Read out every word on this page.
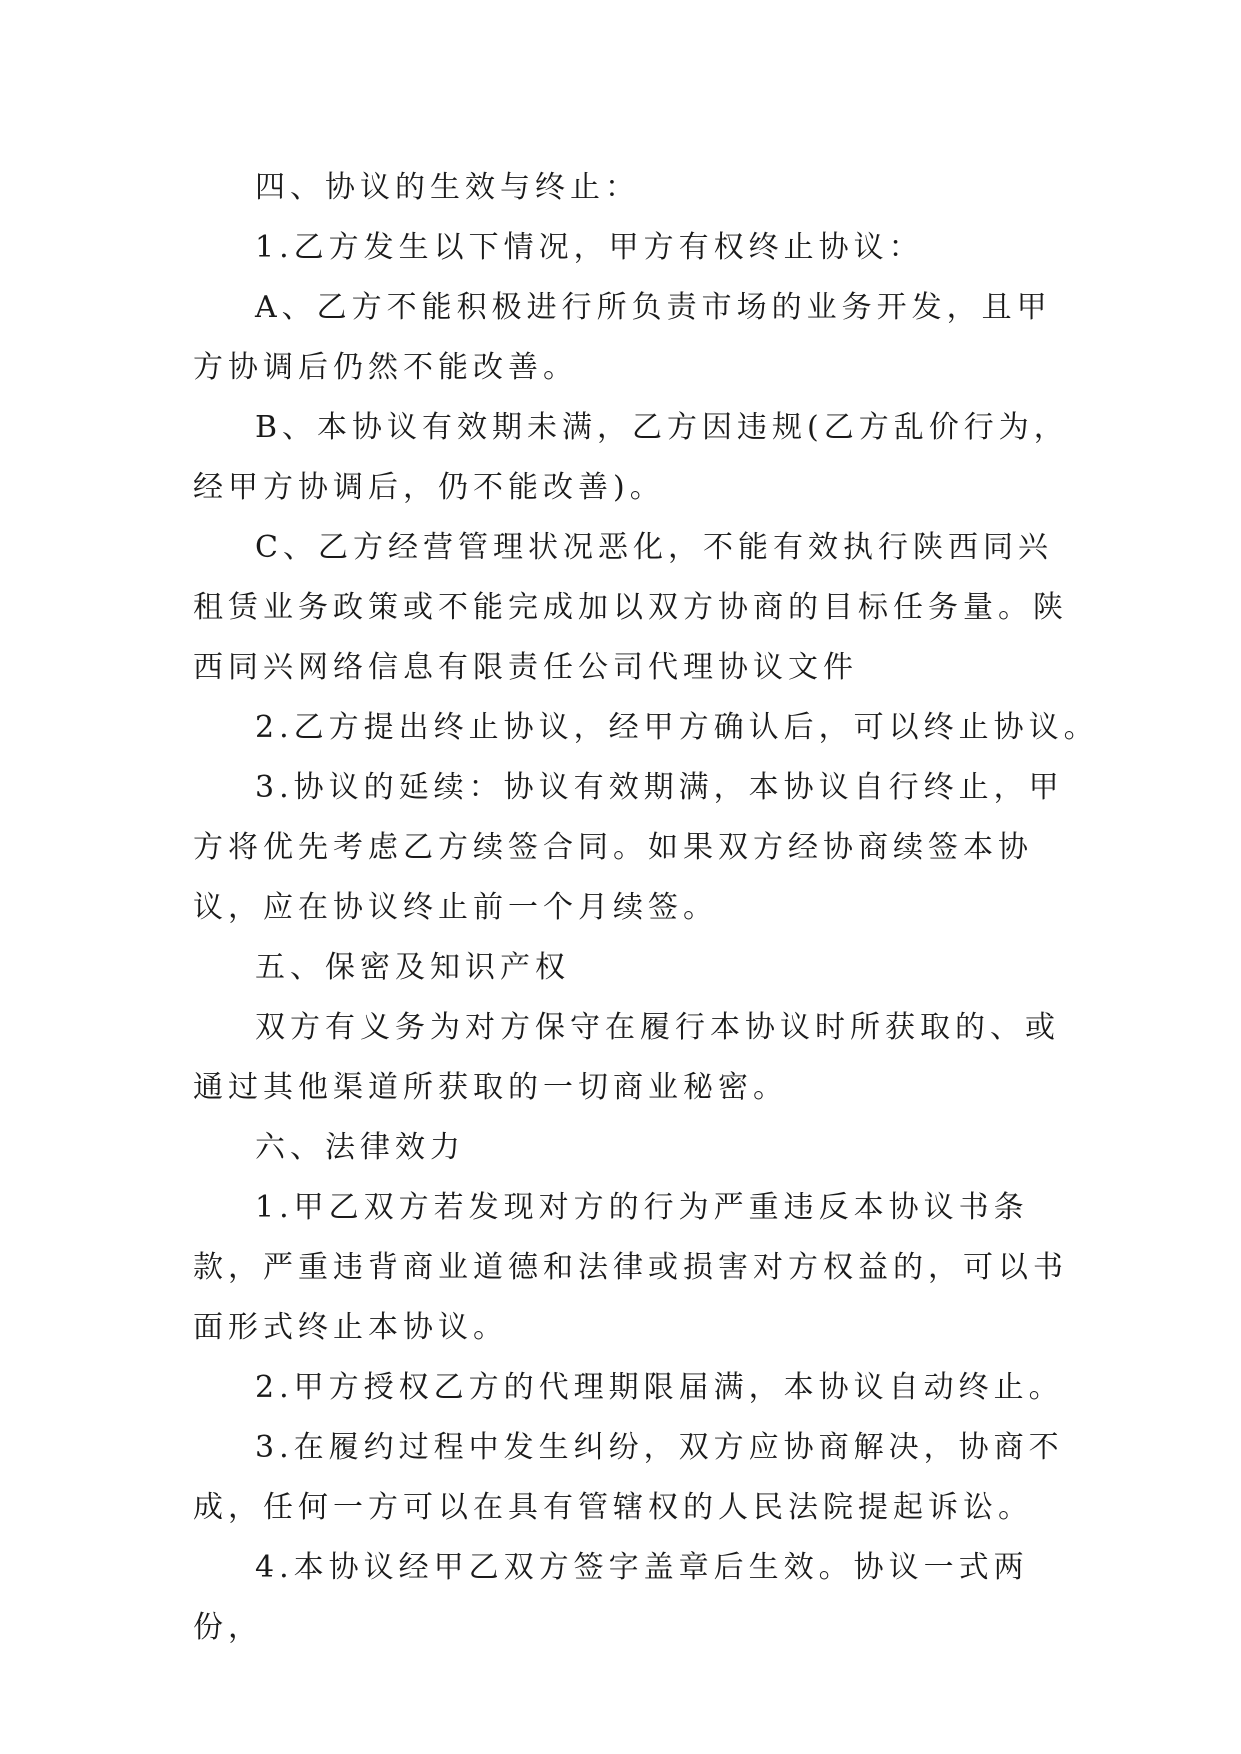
四、协议的生效与终止：

1.乙方发生以下情况，甲方有权终止协议：

A、乙方不能积极进行所负责市场的业务开发，且甲方协调后仍然不能改善。

B、本协议有效期未满，乙方因违规(乙方乱价行为，经甲方协调后，仍不能改善)。

C、乙方经营管理状况恶化，不能有效执行陕西同兴租赁业务政策或不能完成加以双方协商的目标任务量。陕西同兴网络信息有限责任公司代理协议文件

2.乙方提出终止协议，经甲方确认后，可以终止协议。

3.协议的延续：协议有效期满，本协议自行终止，甲方将优先考虑乙方续签合同。如果双方经协商续签本协议，应在协议终止前一个月续签。

五、保密及知识产权

双方有义务为对方保守在履行本协议时所获取的、或通过其他渠道所获取的一切商业秘密。

六、法律效力

1.甲乙双方若发现对方的行为严重违反本协议书条款，严重违背商业道德和法律或损害对方权益的，可以书面形式终止本协议。

2.甲方授权乙方的代理期限届满，本协议自动终止。

3.在履约过程中发生纠纷，双方应协商解决，协商不成，任何一方可以在具有管辖权的人民法院提起诉讼。

4.本协议经甲乙双方签字盖章后生效。协议一式两份，
